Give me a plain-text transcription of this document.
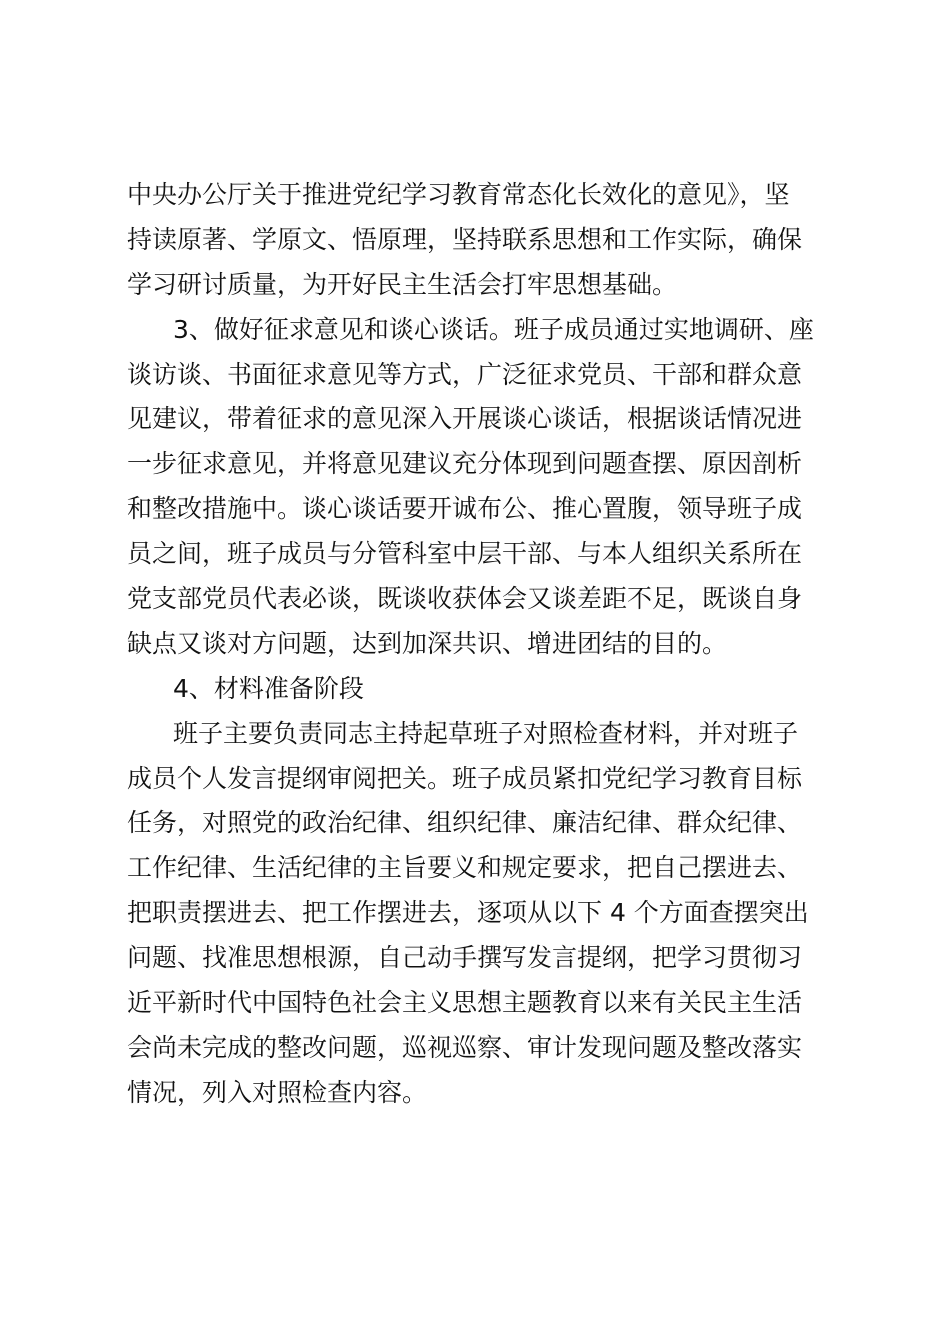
中央办公厅关于推进党纪学习教育常态化长效化的意见》，坚
持读原著、学原文、悟原理，坚持联系思想和工作实际，确保
学习研讨质量，为开好民主生活会打牢思想基础。
3、做好征求意见和谈心谈话。班子成员通过实地调研、座
谈访谈、书面征求意见等方式，广泛征求党员、干部和群众意
见建议，带着征求的意见深入开展谈心谈话，根据谈话情况进
一步征求意见，并将意见建议充分体现到问题查摆、原因剖析
和整改措施中。谈心谈话要开诚布公、推心置腹，领导班子成
员之间，班子成员与分管科室中层干部、与本人组织关系所在
党支部党员代表必谈，既谈收获体会又谈差距不足，既谈自身
缺点又谈对方问题，达到加深共识、增进团结的目的。
4、材料准备阶段
班子主要负责同志主持起草班子对照检查材料，并对班子
成员个人发言提纲审阅把关。班子成员紧扣党纪学习教育目标
任务，对照党的政治纪律、组织纪律、廉洁纪律、群众纪律、
工作纪律、生活纪律的主旨要义和规定要求，把自己摆进去、
把职责摆进去、把工作摆进去，逐项从以下 4 个方面查摆突出
问题、找准思想根源，自己动手撰写发言提纲，把学习贯彻习
近平新时代中国特色社会主义思想主题教育以来有关民主生活
会尚未完成的整改问题，巡视巡察、审计发现问题及整改落实
情况，列入对照检查内容。
